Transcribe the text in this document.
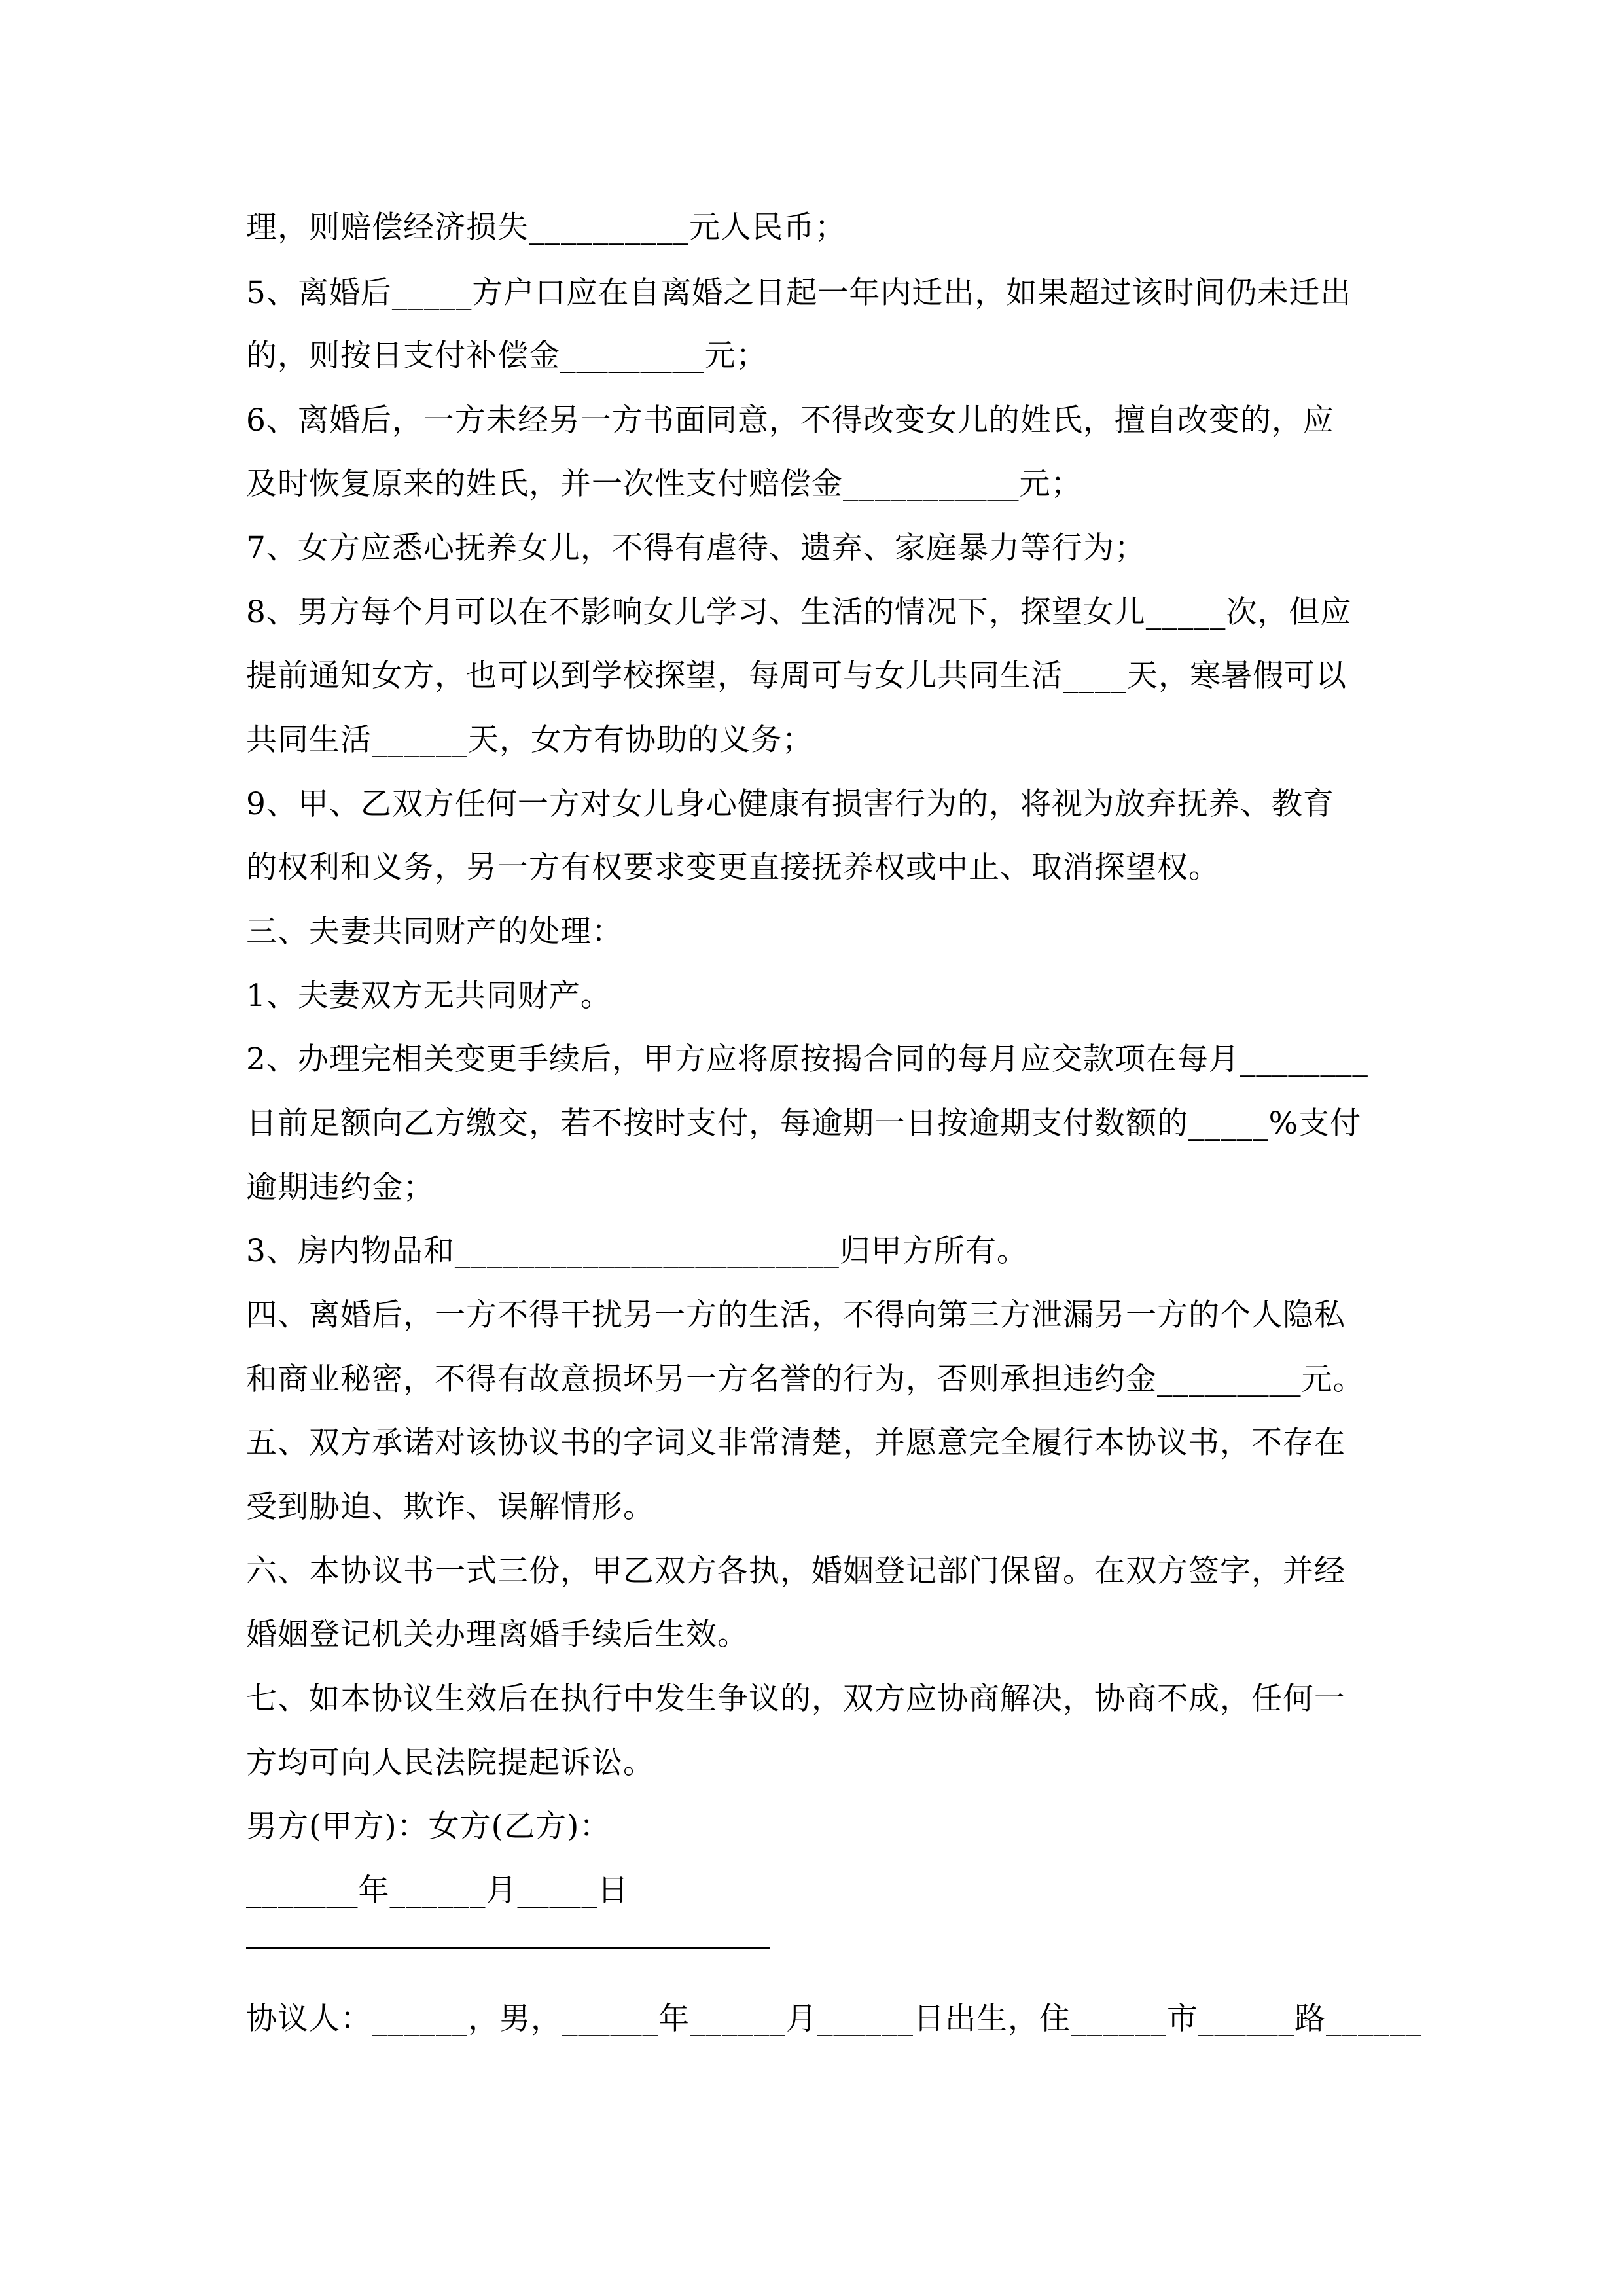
理，则赔偿经济损失__________元人民币；
5、离婚后_____方户口应在自离婚之日起一年内迁出，如果超过该时间仍未迁出
的，则按日支付补偿金_________元；
6、离婚后，一方未经另一方书面同意，不得改变女儿的姓氏，擅自改变的，应
及时恢复原来的姓氏，并一次性支付赔偿金___________元；
7、女方应悉心抚养女儿，不得有虐待、遗弃、家庭暴力等行为；
8、男方每个月可以在不影响女儿学习、生活的情况下，探望女儿_____次，但应
提前通知女方，也可以到学校探望，每周可与女儿共同生活____天，寒暑假可以
共同生活______天，女方有协助的义务；
9、甲、乙双方任何一方对女儿身心健康有损害行为的，将视为放弃抚养、教育
的权利和义务，另一方有权要求变更直接抚养权或中止、取消探望权。
三、夫妻共同财产的处理：
1、夫妻双方无共同财产。
2、办理完相关变更手续后，甲方应将原按揭合同的每月应交款项在每月________
日前足额向乙方缴交，若不按时支付，每逾期一日按逾期支付数额的_____%支付
逾期违约金；
3、房内物品和________________________归甲方所有。
四、离婚后，一方不得干扰另一方的生活，不得向第三方泄漏另一方的个人隐私
和商业秘密，不得有故意损坏另一方名誉的行为，否则承担违约金_________元。
五、双方承诺对该协议书的字词义非常清楚，并愿意完全履行本协议书，不存在
受到胁迫、欺诈、误解情形。
六、本协议书一式三份，甲乙双方各执，婚姻登记部门保留。在双方签字，并经
婚姻登记机关办理离婚手续后生效。
七、如本协议生效后在执行中发生争议的，双方应协商解决，协商不成，任何一
方均可向人民法院提起诉讼。
男方(甲方)：女方(乙方)：
_______年______月_____日
协议人：______，男，______年______月______日出生，住______市______路______
